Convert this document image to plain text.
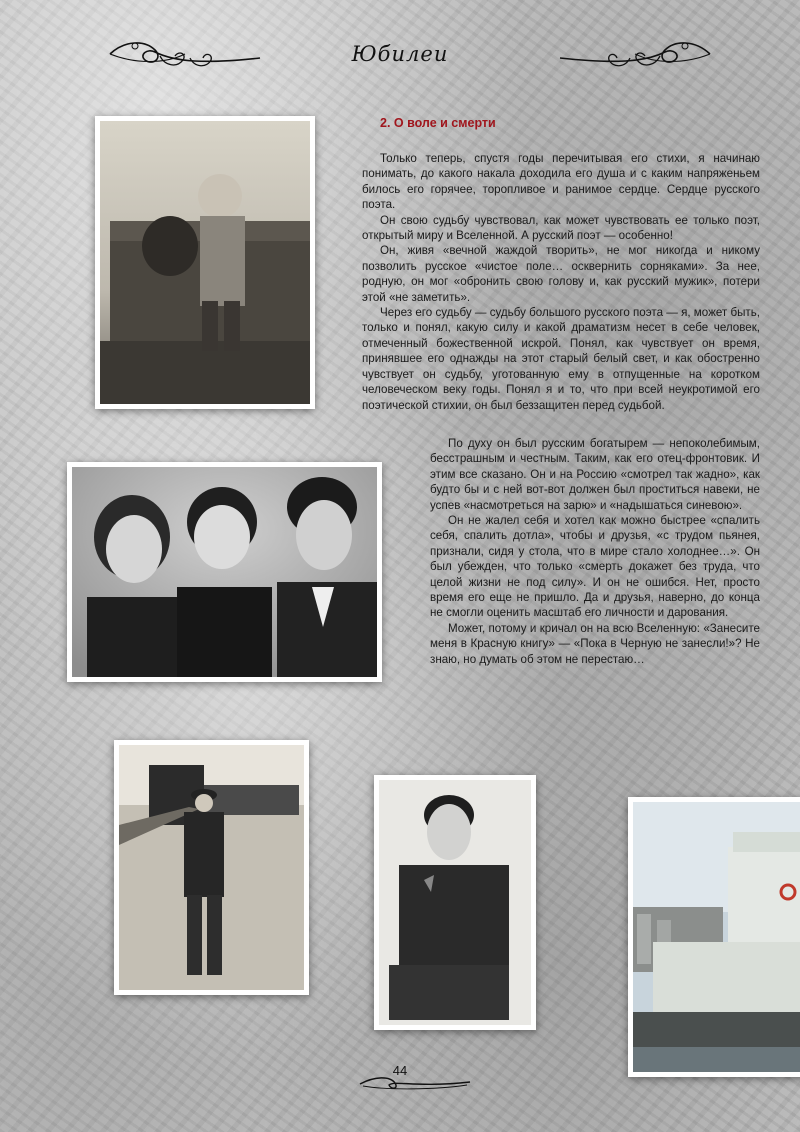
Юбилеи
2. О воле и смерти

Только теперь, спустя годы перечитывая его стихи, я начинаю понимать, до какого накала доходила его душа и с каким напряженьем билось его горячее, торопливое и ранимое сердце. Сердце русского поэта.

Он свою судьбу чувствовал, как может чувствовать ее только поэт, открытый миру и Вселенной. А русский поэт — особенно!

Он, живя «вечной жаждой творить», не мог никогда и никому позволить русское «чистое поле… осквернить сорняками». За нее, родную, он мог «обронить свою голову и, как русский мужик», потери этой «не заметить».

Через его судьбу — судьбу большого русского поэта — я, может быть, только и понял, какую силу и какой драматизм несет в себе человек, отмеченный божественной искрой. Понял, как чувствует он время, принявшее его однажды на этот старый белый свет, и как обостренно чувствует он судьбу, уготованную ему в отпущенные на коротком человеческом веку годы. Понял я и то, что при всей неукротимой его поэтической стихии, он был беззащитен перед судьбой.

По духу он был русским богатырем — непоколебимым, бесстрашным и честным. Таким, как его отец-фронтовик. И этим все сказано. Он и на Россию «смотрел так жадно», как будто бы и с ней вот-вот должен был проститься навеки, не успев «насмотреться на зарю» и «надышаться синевою».

Он не жалел себя и хотел как можно быстрее «спалить себя, спалить дотла», чтобы и друзья, «с трудом пьянея, признали, сидя у стола, что в мире стало холоднее…». Он был убежден, что только «смерть докажет без труда, что целой жизни не под силу». И он не ошибся. Нет, просто время его еще не пришло. Да и друзья, наверно, до конца не смогли оценить масштаб его личности и дарования.

Может, потому и кричал он на всю Вселенную: «Занесите меня в Красную книгу» — «Пока в Черную не занесли!»? Не знаю, но думать об этом не перестаю…

44
